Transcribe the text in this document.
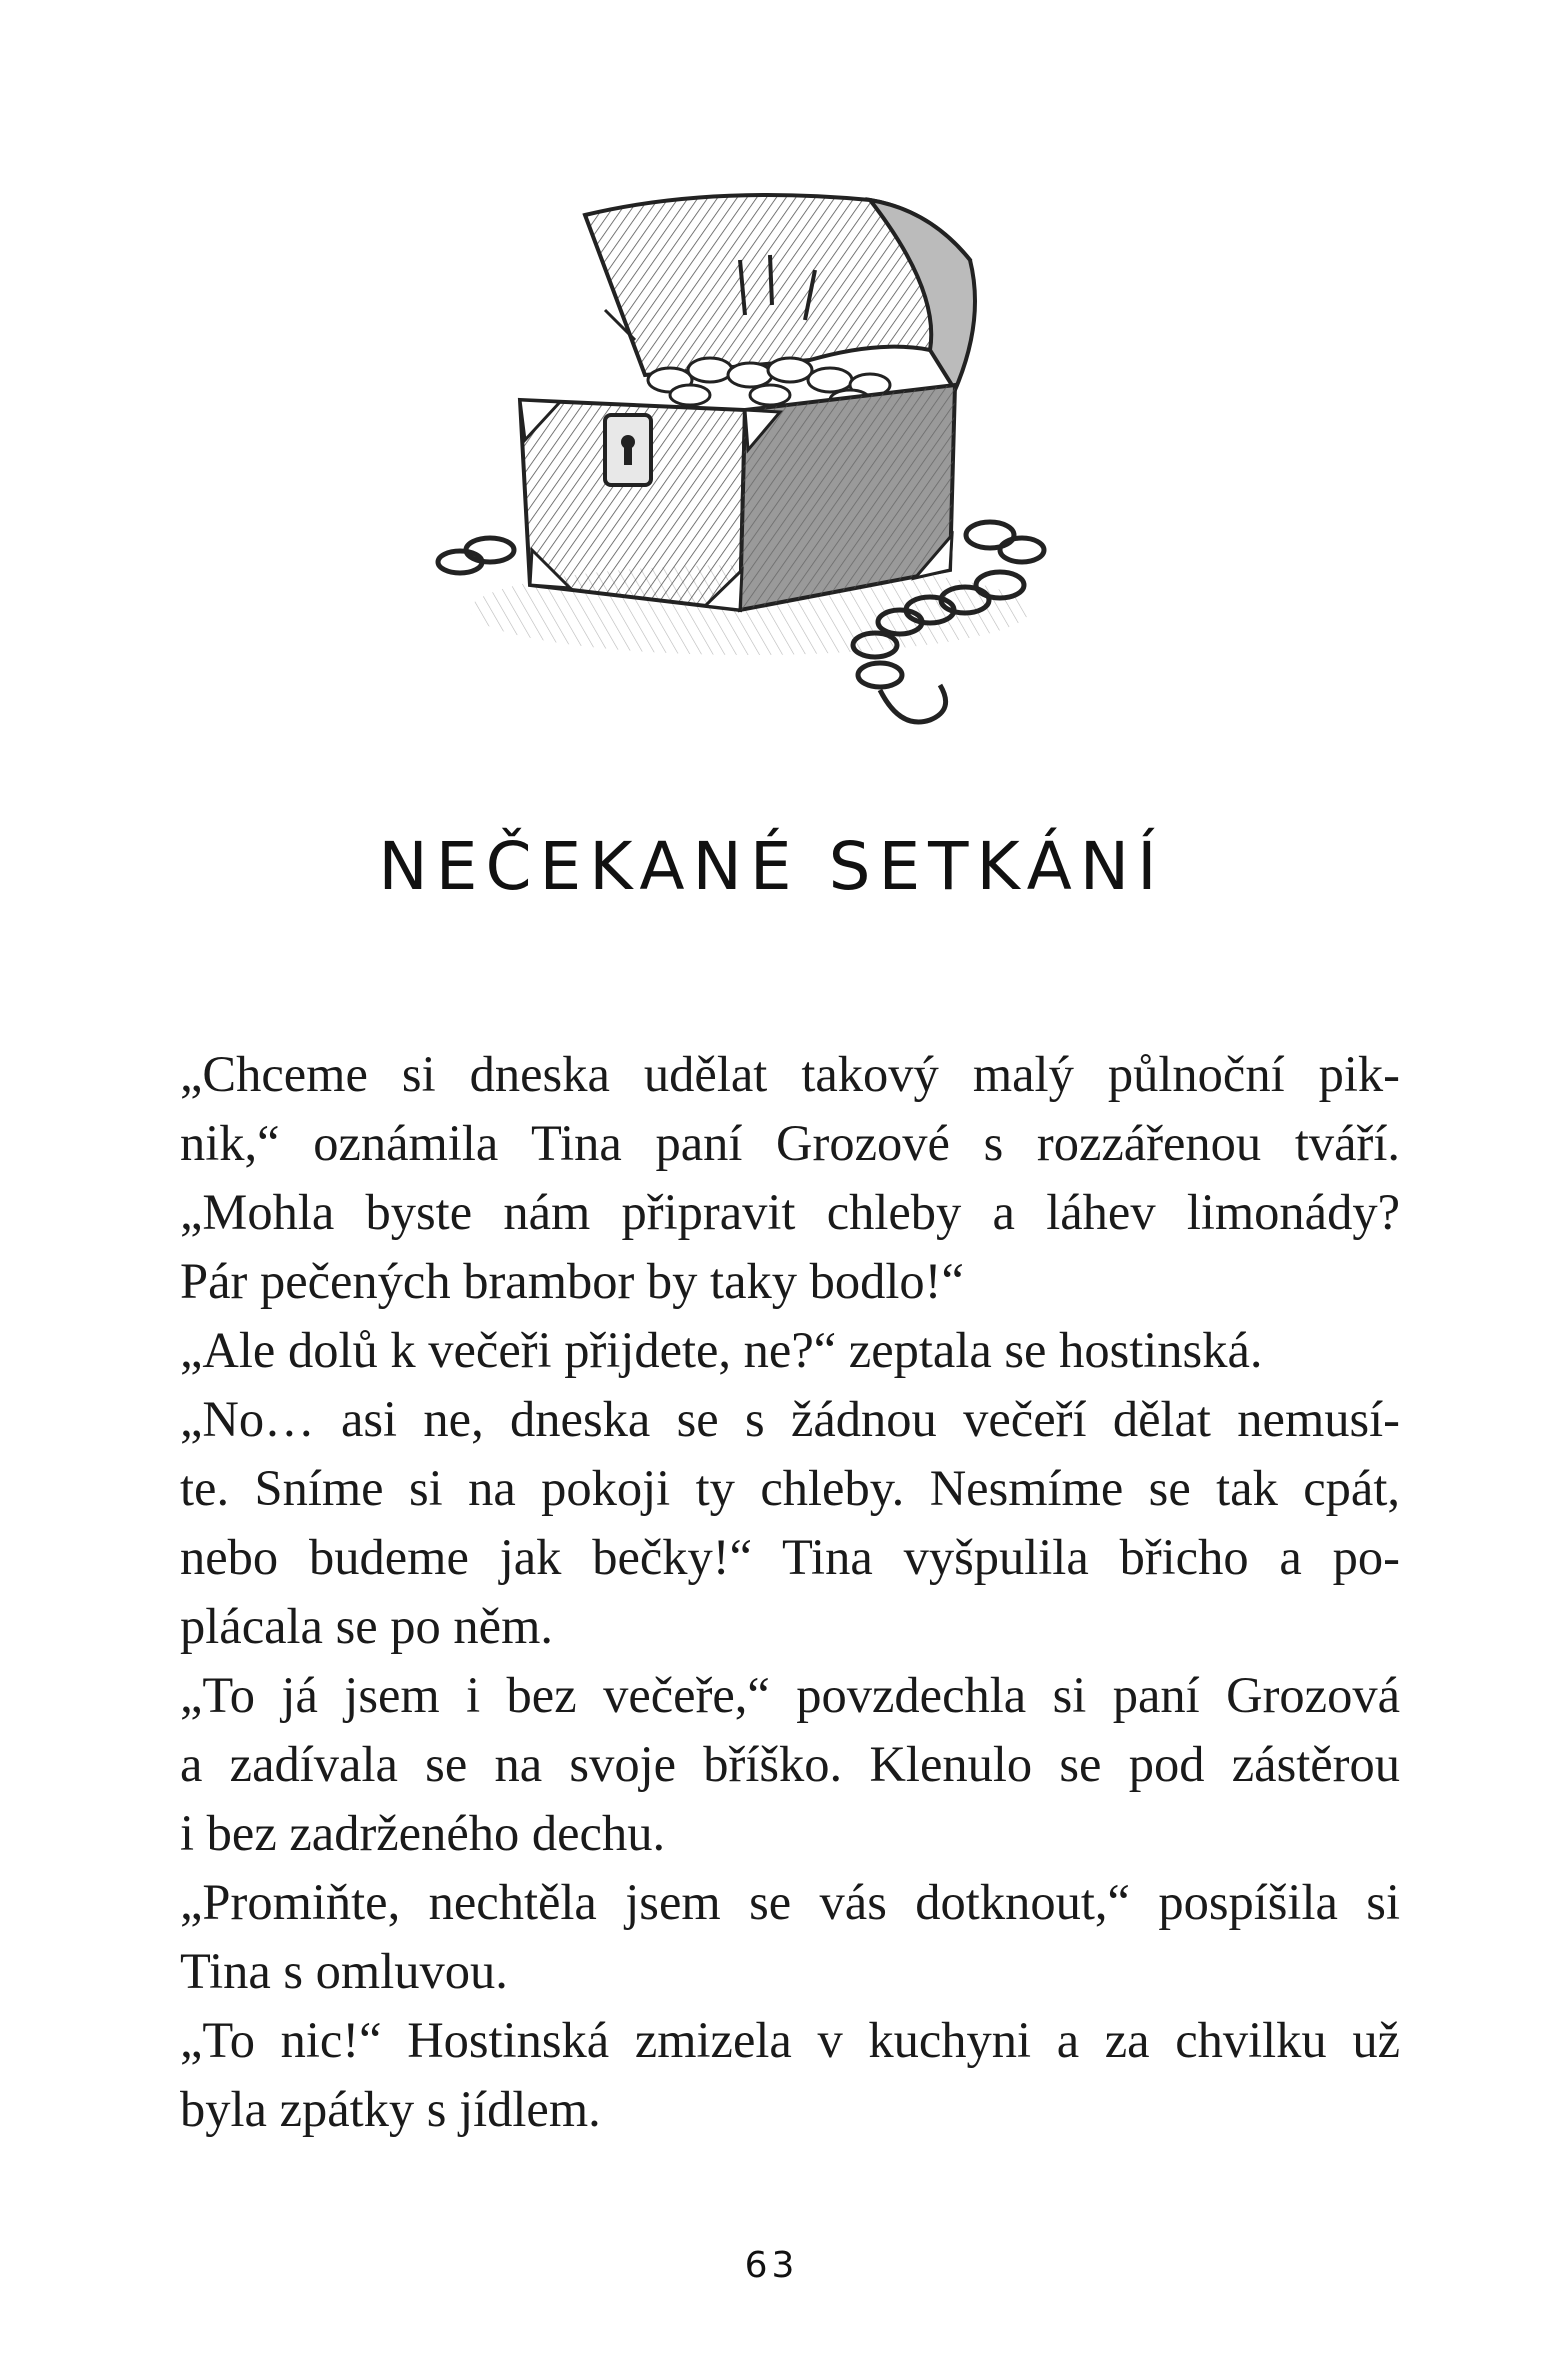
NEČEKANÉ SETKÁNÍ
„Chceme si dneska udělat takový malý půlnoční pik-
nik,“ oznámila Tina paní Grozové s rozzářenou tváří.
„Mohla byste nám připravit chleby a láhev limonády?
Pár pečených brambor by taky bodlo!“
„Ale dolů k večeři přijdete, ne?“ zeptala se hostinská.
„No… asi ne, dneska se s žádnou večeří dělat nemusí-
te. Sníme si na pokoji ty chleby. Nesmíme se tak cpát,
nebo budeme jak bečky!“ Tina vyšpulila břicho a po-
plácala se po něm.
„To já jsem i bez večeře,“ povzdechla si paní Grozová
a zadívala se na svoje bříško. Klenulo se pod zástěrou
i bez zadrženého dechu.
„Promiňte, nechtěla jsem se vás dotknout,“ pospíšila si
Tina s omluvou.
„To nic!“ Hostinská zmizela v kuchyni a za chvilku už
byla zpátky s jídlem.
63
